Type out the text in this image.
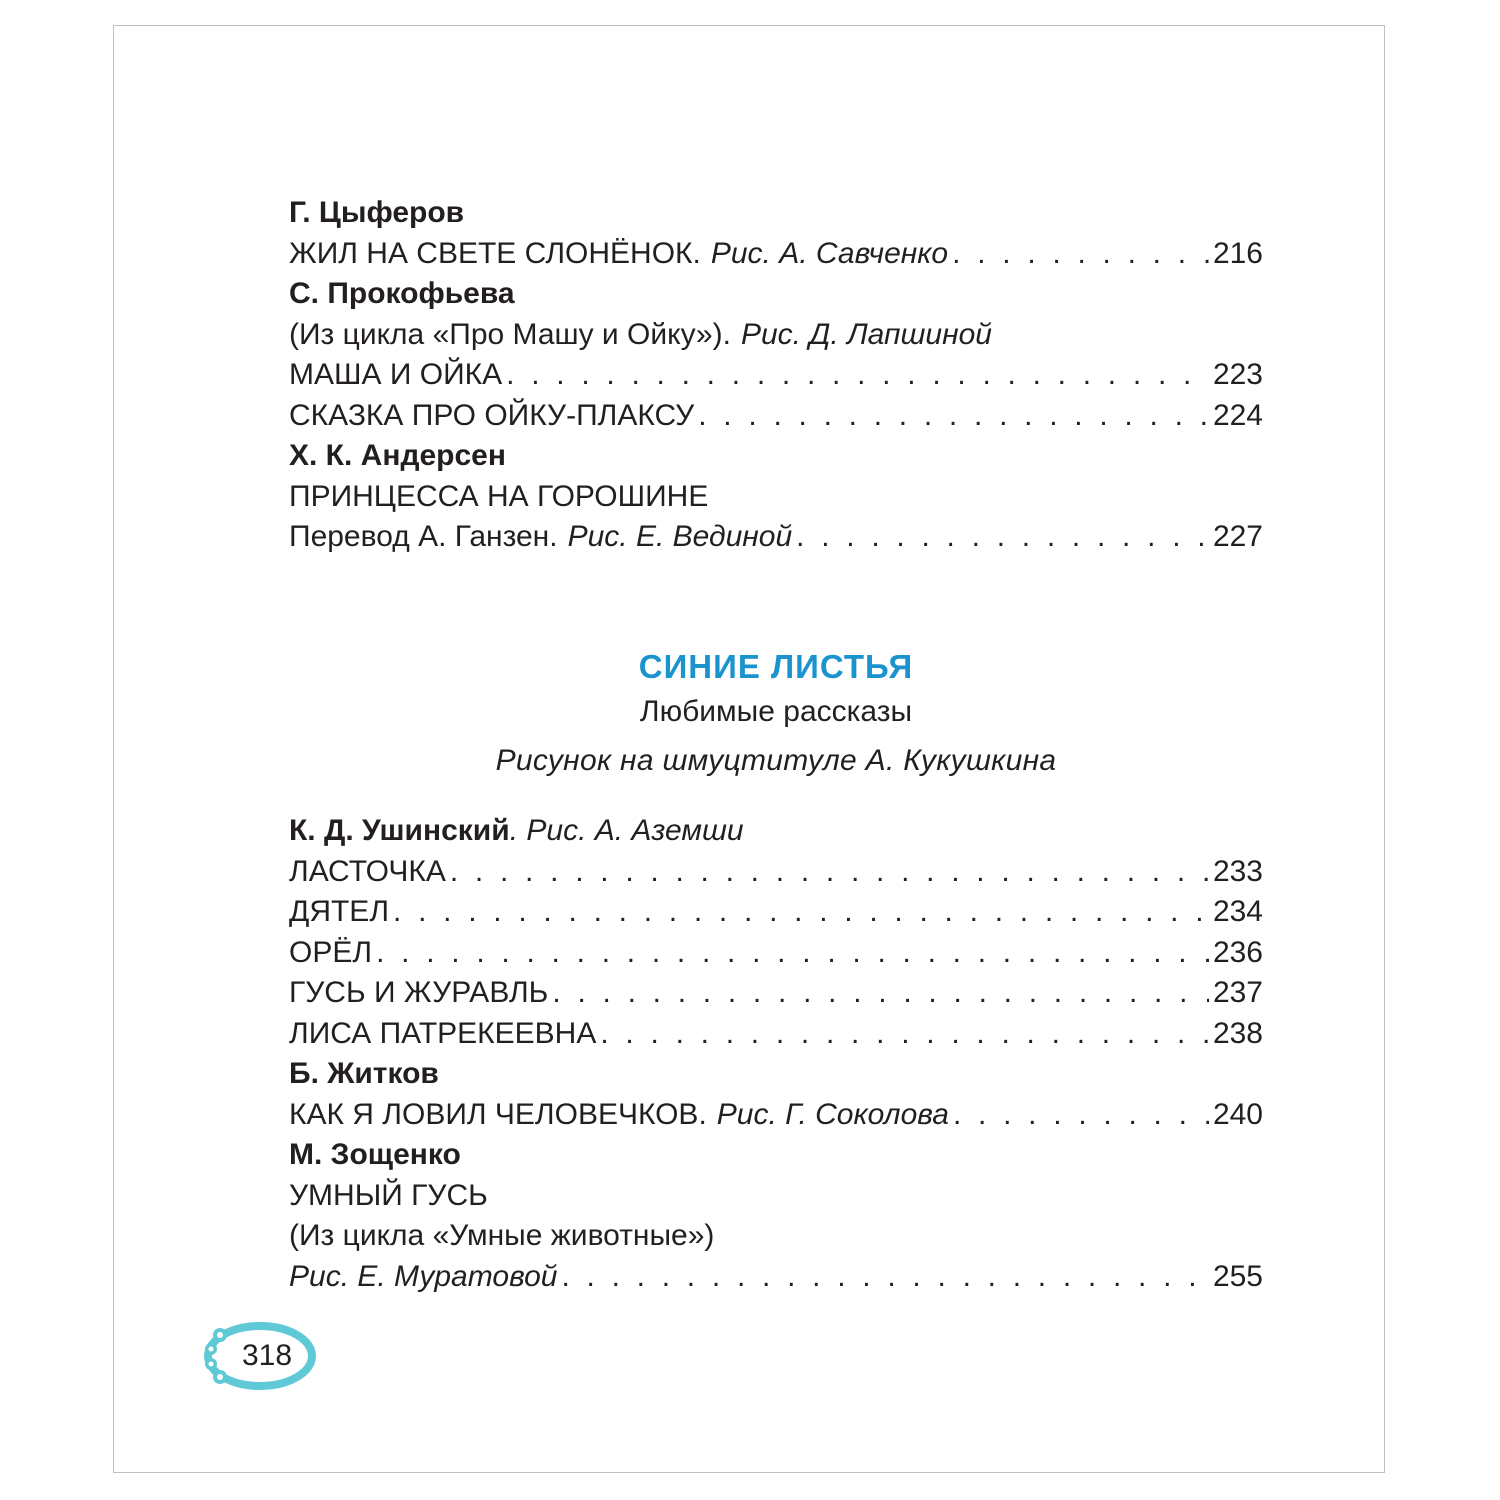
Г. Цыферов
ЖИЛ НА СВЕТЕ СЛОНЁНОК. Рис. А. Савченко . . .	216
С. Прокофьева
(Из цикла «Про Машу и Ойку»). Рис. Д. Лапшиной
МАША И ОЙКА . . .	223
СКАЗКА ПРО ОЙКУ-ПЛАКСУ . . .	224
Х. К. Андерсен
ПРИНЦЕССА НА ГОРОШИНЕ
Перевод А. Ганзен. Рис. Е. Вединой . . .	227
СИНИЕ ЛИСТЬЯ
Любимые рассказы
Рисунок на шмуцтитуле А. Кукушкина
К. Д. Ушинский . Рис. А. Аземши
ЛАСТОЧКА . . .	233
ДЯТЕЛ . . .	234
ОРЁЛ . . .	236
ГУСЬ И ЖУРАВЛЬ . . .	237
ЛИСА ПАТРЕКЕЕВНА . . .	238
Б. Житков
КАК Я ЛОВИЛ ЧЕЛОВЕЧКОВ. Рис. Г. Соколова . . .	240
М. Зощенко
УМНЫЙ ГУСЬ
(Из цикла «Умные животные»)
Рис. Е. Муратовой . . .	255
318
